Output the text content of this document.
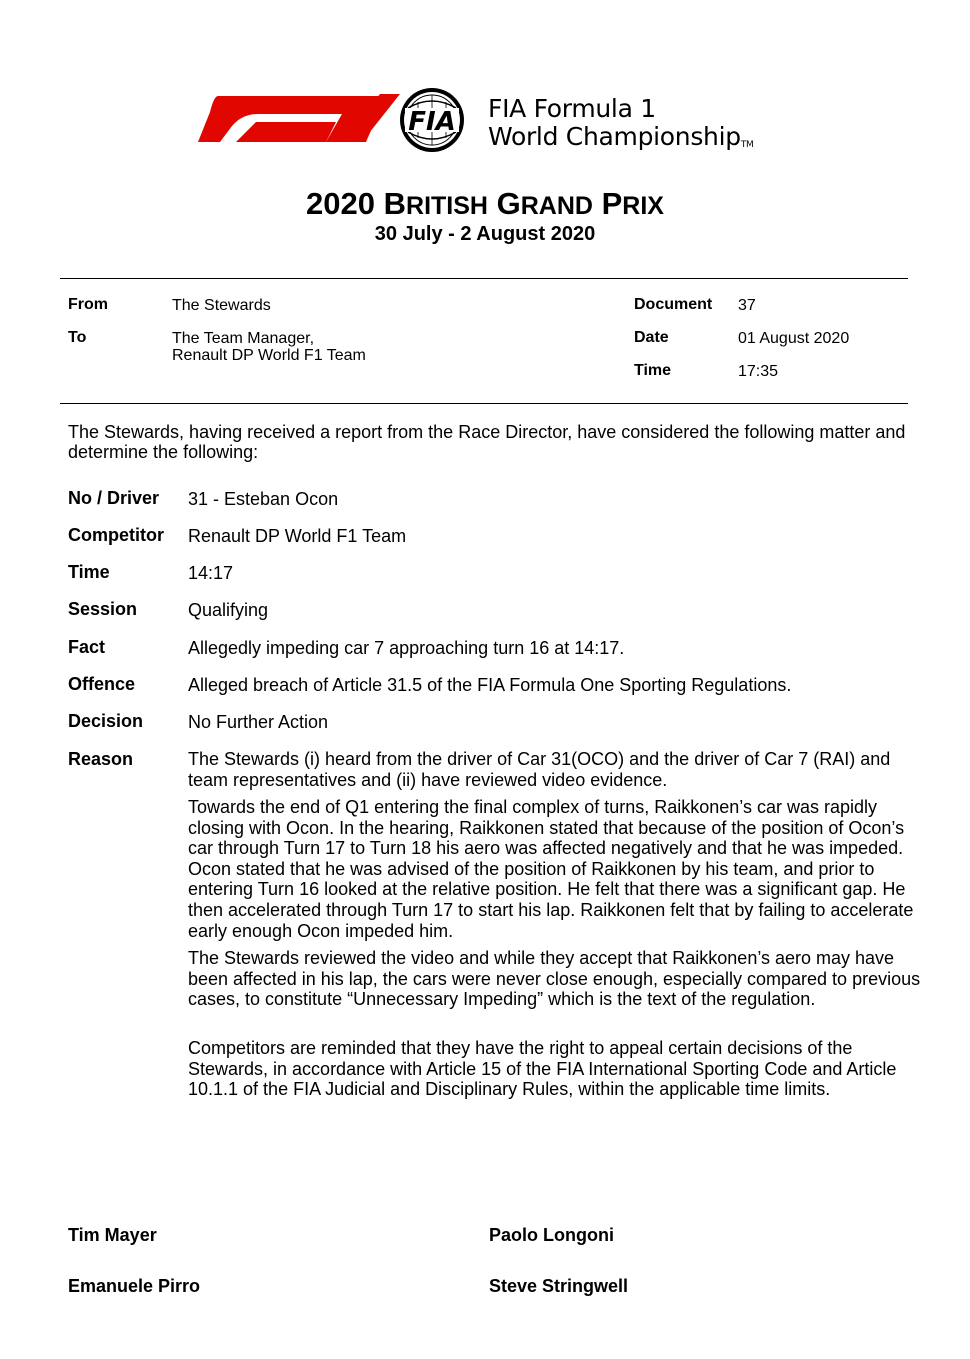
FIA FIA Formula 1
World ChampionshipTM
2020 BRITISH GRAND PRIX
30 July - 2 August 2020
From	The Stewards
To	The Team Manager,
Renault DP World F1 Team
Document 37
Date	01 August 2020
Time	17:35
The Stewards, having received a report from the Race Director, have considered the following matter and determine the following:
No / Driver 31 - Esteban Ocon
Competitor Renault DP World F1 Team
Time	14:17
Session	Qualifying
Fact	Allegedly impeding car 7 approaching turn 16 at 14:17.
Offence	Alleged breach of Article 31.5 of the FIA Formula One Sporting Regulations.
Decision No Further Action
Reason	The Stewards (i) heard from the driver of Car 31(OCO) and the driver of Car 7 (RAI) and team representatives and (ii) have reviewed video evidence.

Towards the end of Q1 entering the final complex of turns, Raikkonen’s car was rapidly closing with Ocon. In the hearing, Raikkonen stated that because of the position of Ocon’s car through Turn 17 to Turn 18 his aero was affected negatively and that he was impeded. Ocon stated that he was advised of the position of Raikkonen by his team, and prior to entering Turn 16 looked at the relative position. He felt that there was a significant gap. He then accelerated through Turn 17 to start his lap. Raikkonen felt that by failing to accelerate early enough Ocon impeded him.

The Stewards reviewed the video and while they accept that Raikkonen’s aero may have been affected in his lap, the cars were never close enough, especially compared to previous cases, to constitute “Unnecessary Impeding” which is the text of the regulation.

Competitors are reminded that they have the right to appeal certain decisions of the Stewards, in accordance with Article 15 of the FIA International Sporting Code and Article 10.1.1 of the FIA Judicial and Disciplinary Rules, within the applicable time limits.

Tim Mayer	Paolo Longoni
Emanuele Pirro	Steve Stringwell
